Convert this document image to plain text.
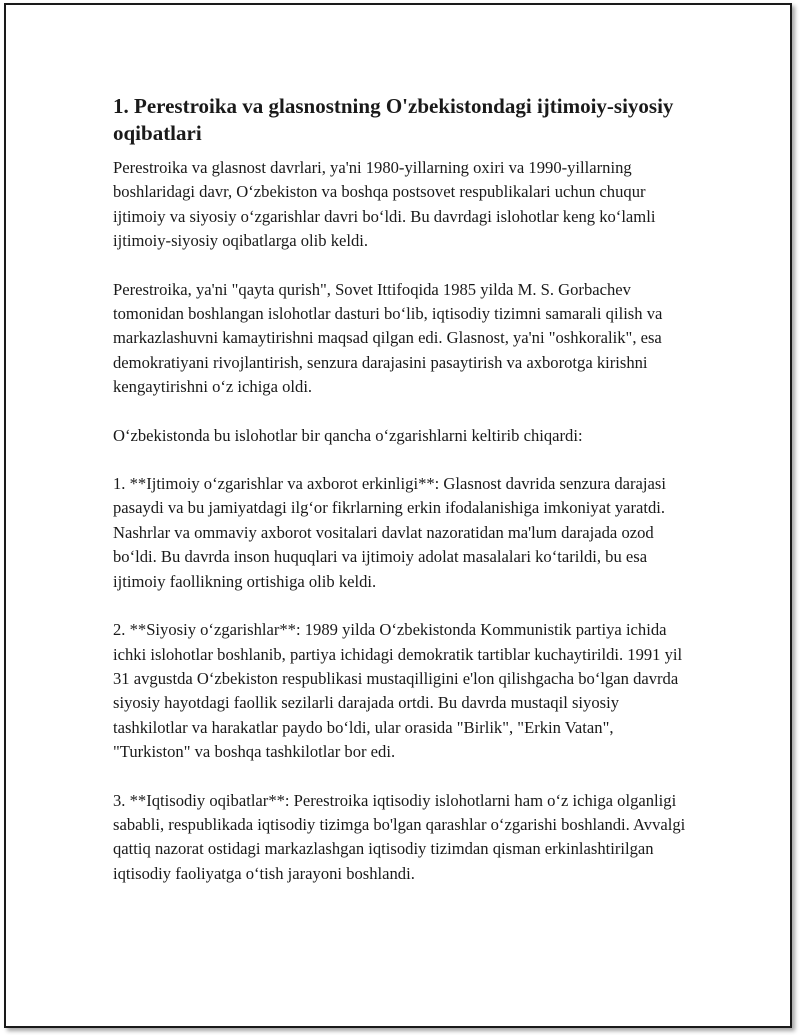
1. Perestroika va glasnostning O'zbekistondagi ijtimoiy-siyosiy oqibatlari

Perestroika va glasnost davrlari, ya'ni 1980-yillarning oxiri va 1990-yillarning boshlaridagi davr, O‘zbekiston va boshqa postsovet respublikalari uchun chuqur ijtimoiy va siyosiy o‘zgarishlar davri bo‘ldi. Bu davrdagi islohotlar keng ko‘lamli ijtimoiy-siyosiy oqibatlarga olib keldi.

Perestroika, ya'ni "qayta qurish", Sovet Ittifoqida 1985 yilda M. S. Gorbachev tomonidan boshlangan islohotlar dasturi bo‘lib, iqtisodiy tizimni samarali qilish va markazlashuvni kamaytirishni maqsad qilgan edi. Glasnost, ya'ni "oshkoralik", esa demokratiyani rivojlantirish, senzura darajasini pasaytirish va axborotga kirishni kengaytirishni o‘z ichiga oldi.

O‘zbekistonda bu islohotlar bir qancha o‘zgarishlarni keltirib chiqardi:

1. **Ijtimoiy o‘zgarishlar va axborot erkinligi**: Glasnost davrida senzura darajasi pasaydi va bu jamiyatdagi ilg‘or fikrlarning erkin ifodalanishiga imkoniyat yaratdi. Nashrlar va ommaviy axborot vositalari davlat nazoratidan ma'lum darajada ozod bo‘ldi. Bu davrda inson huquqlari va ijtimoiy adolat masalalari ko‘tarildi, bu esa ijtimoiy faollikning ortishiga olib keldi.

2. **Siyosiy o‘zgarishlar**: 1989 yilda O‘zbekistonda Kommunistik partiya ichida ichki islohotlar boshlanib, partiya ichidagi demokratik tartiblar kuchaytirildi. 1991 yil 31 avgustda O‘zbekiston respublikasi mustaqilligini e'lon qilishgacha bo‘lgan davrda siyosiy hayotdagi faollik sezilarli darajada ortdi. Bu davrda mustaqil siyosiy tashkilotlar va harakatlar paydo bo‘ldi, ular orasida "Birlik", "Erkin Vatan", "Turkiston" va boshqa tashkilotlar bor edi.

3. **Iqtisodiy oqibatlar**: Perestroika iqtisodiy islohotlarni ham o‘z ichiga olganligi sababli, respublikada iqtisodiy tizimga bo'lgan qarashlar o‘zgarishi boshlandi. Avvalgi qattiq nazorat ostidagi markazlashgan iqtisodiy tizimdan qisman erkinlashtirilgan iqtisodiy faoliyatga o‘tish jarayoni boshlandi.
